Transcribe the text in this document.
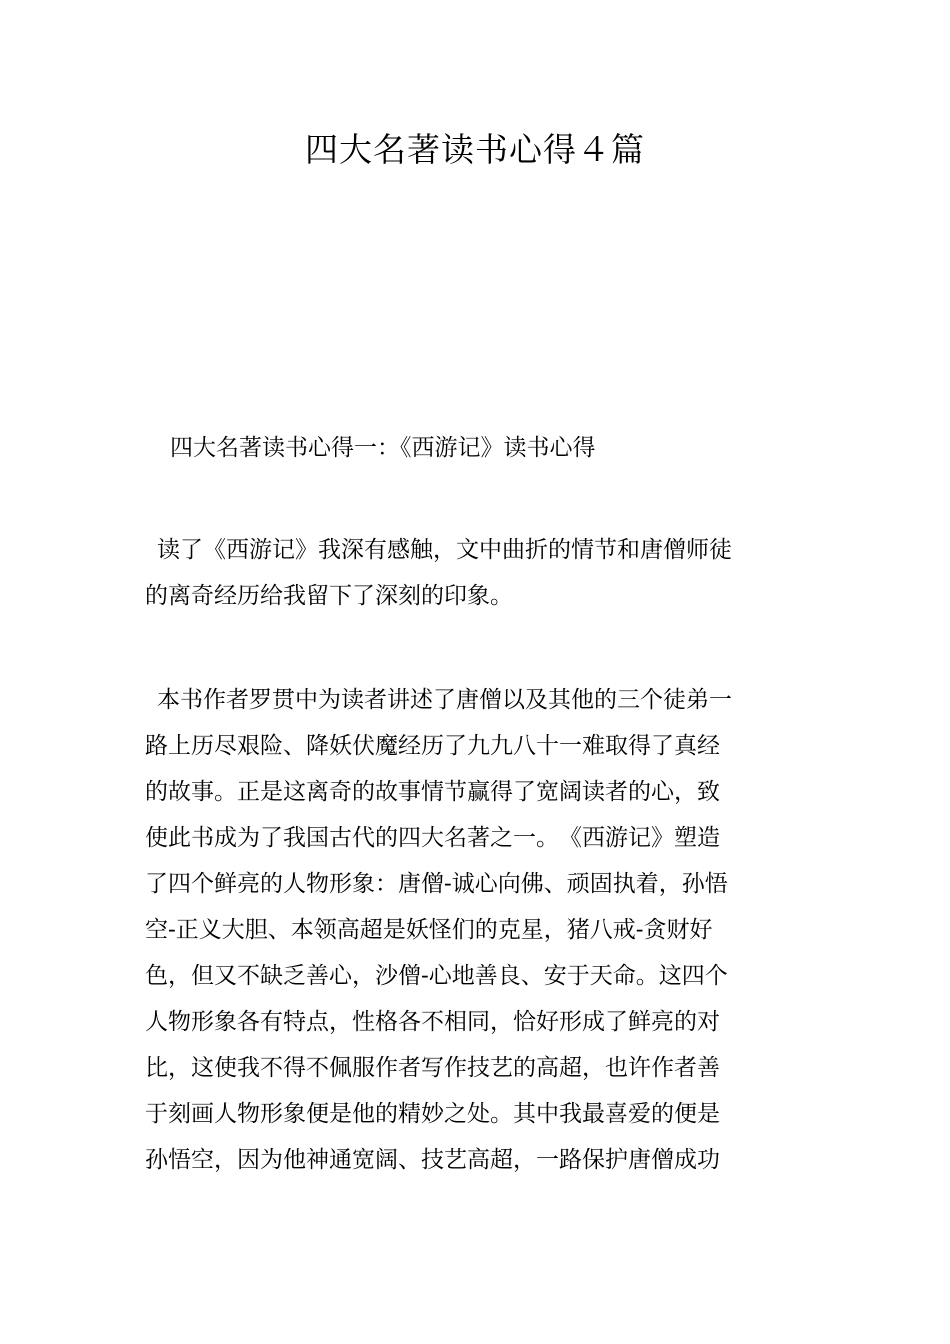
四大名著读书心得４篇
四大名著读书心得一：《西游记》读书心得

读了《西游记》我深有感触，文中曲折的情节和唐僧师徒
的离奇经历给我留下了深刻的印象。

本书作者罗贯中为读者讲述了唐僧以及其他的三个徒弟一
路上历尽艰险、降妖伏魔经历了九九八十一难取得了真经
的故事。正是这离奇的故事情节赢得了宽阔读者的心，致
使此书成为了我国古代的四大名著之一。　《西游记》塑造
了四个鲜亮的人物形象：唐僧-诚心向佛、顽固执着，孙悟
空-正义大胆、本领高超是妖怪们的克星，猪八戒-贪财好
色，但又不缺乏善心，沙僧-心地善良、安于天命。这四个
人物形象各有特点，性格各不相同，恰好形成了鲜亮的对
比，这使我不得不佩服作者写作技艺的高超，也许作者善
于刻画人物形象便是他的精妙之处。其中我最喜爱的便是
孙悟空，因为他神通宽阔、技艺高超，一路保护唐僧成功
